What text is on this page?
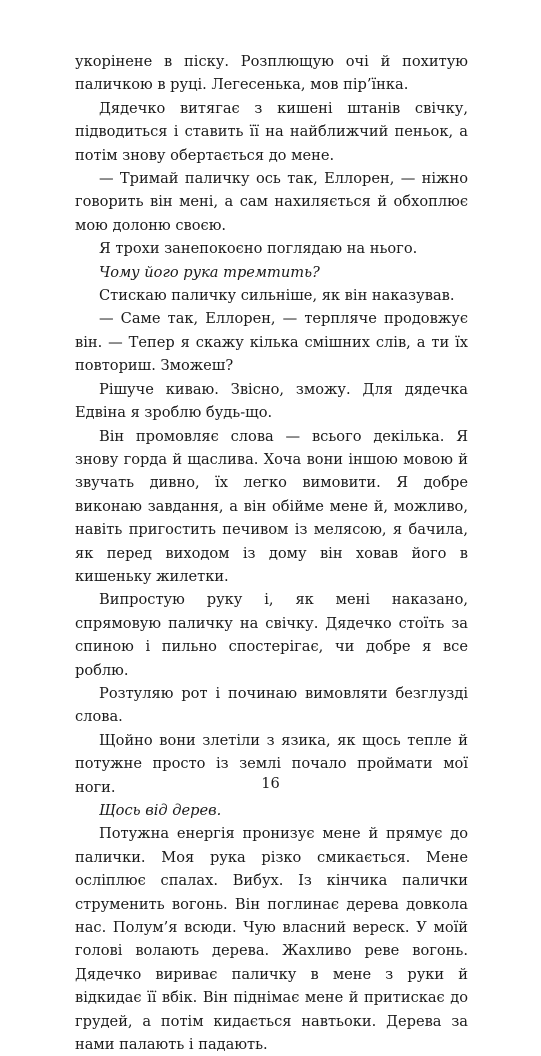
укорінене в піску. Розплющую очі й похитую паличкою в руці. Легесенька, мов пір’їнка.

Дядечко витягає з кишені штанів свічку, підводиться і ставить її на найближчий пеньок, а потім знову обертається до мене.

— Тримай паличку ось так, Еллорен, — ніжно говорить він мені, а сам нахиляється й обхоплює мою долоню своєю.

Я трохи занепокоєно поглядаю на нього.

Чому його рука тремтить?

Стискаю паличку сильніше, як він наказував.

— Саме так, Еллорен, — терпляче продовжує він. — Тепер я скажу кілька смішних слів, а ти їх повториш. Зможеш?

Рішуче киваю. Звісно, зможу. Для дядечка Едвіна я зроблю будь-що.

Він промовляє слова — всього декілька. Я знову горда й щаслива. Хоча вони іншою мовою й звучать дивно, їх легко вимовити. Я добре виконаю завдання, а він обійме мене й, можливо, навіть пригостить печивом із мелясою, я бачила, як перед виходом із дому він ховав його в кишеньку жилетки.

Випростую руку і, як мені наказано, спрямовую паличку на свічку. Дядечко стоїть за спиною і пильно спостерігає, чи добре я все роблю.

Розтуляю рот і починаю вимовляти безглузді слова.

Щойно вони злетіли з язика, як щось тепле й потужне просто із землі почало проймати мої ноги.

Щось від дерев.

Потужна енергія пронизує мене й прямує до палички. Моя рука різко смикається. Мене осліплює спалах. Вибух. Із кінчика палички струменить вогонь. Він поглинає дерева довкола нас. Полум’я всюди. Чую власний вереск. У моїй голові волають дерева. Жахливо реве вогонь. Дядечко вириває паличку в мене з руки й відкидає її вбік. Він піднімає мене й притискає до грудей, а потім кидається навтьоки. Дерева за нами палають і падають.

16
